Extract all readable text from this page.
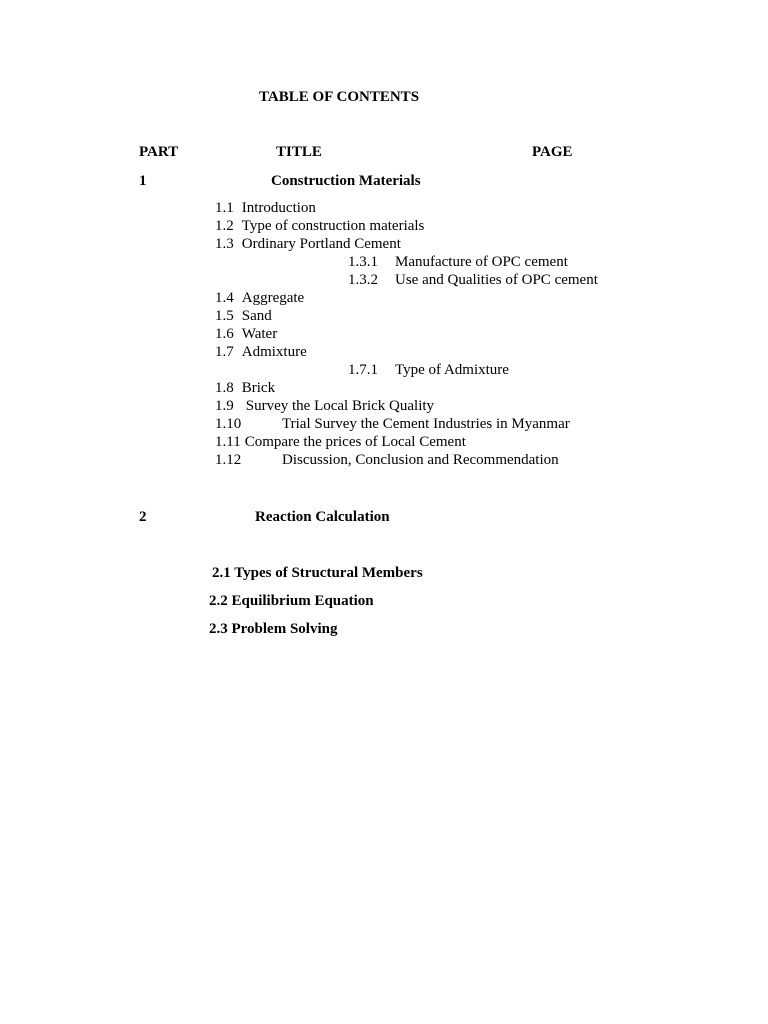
TABLE OF CONTENTS
PART	TITLE	PAGE
1	Construction Materials
1.1 Introduction
1.2 Type of construction materials
1.3 Ordinary Portland Cement
1.3.1 Manufacture of OPC cement
1.3.2 Use and Qualities of OPC cement
1.4 Aggregate
1.5 Sand
1.6 Water
1.7 Admixture
1.7.1 Type of Admixture
1.8 Brick
1.9 Survey the Local Brick Quality
1.10	Trial Survey the Cement Industries in Myanmar
1.11 Compare the prices of Local Cement
1.12	Discussion, Conclusion and Recommendation
2	Reaction Calculation
2.1 Types of Structural Members
2.2 Equilibrium Equation
2.3 Problem Solving
